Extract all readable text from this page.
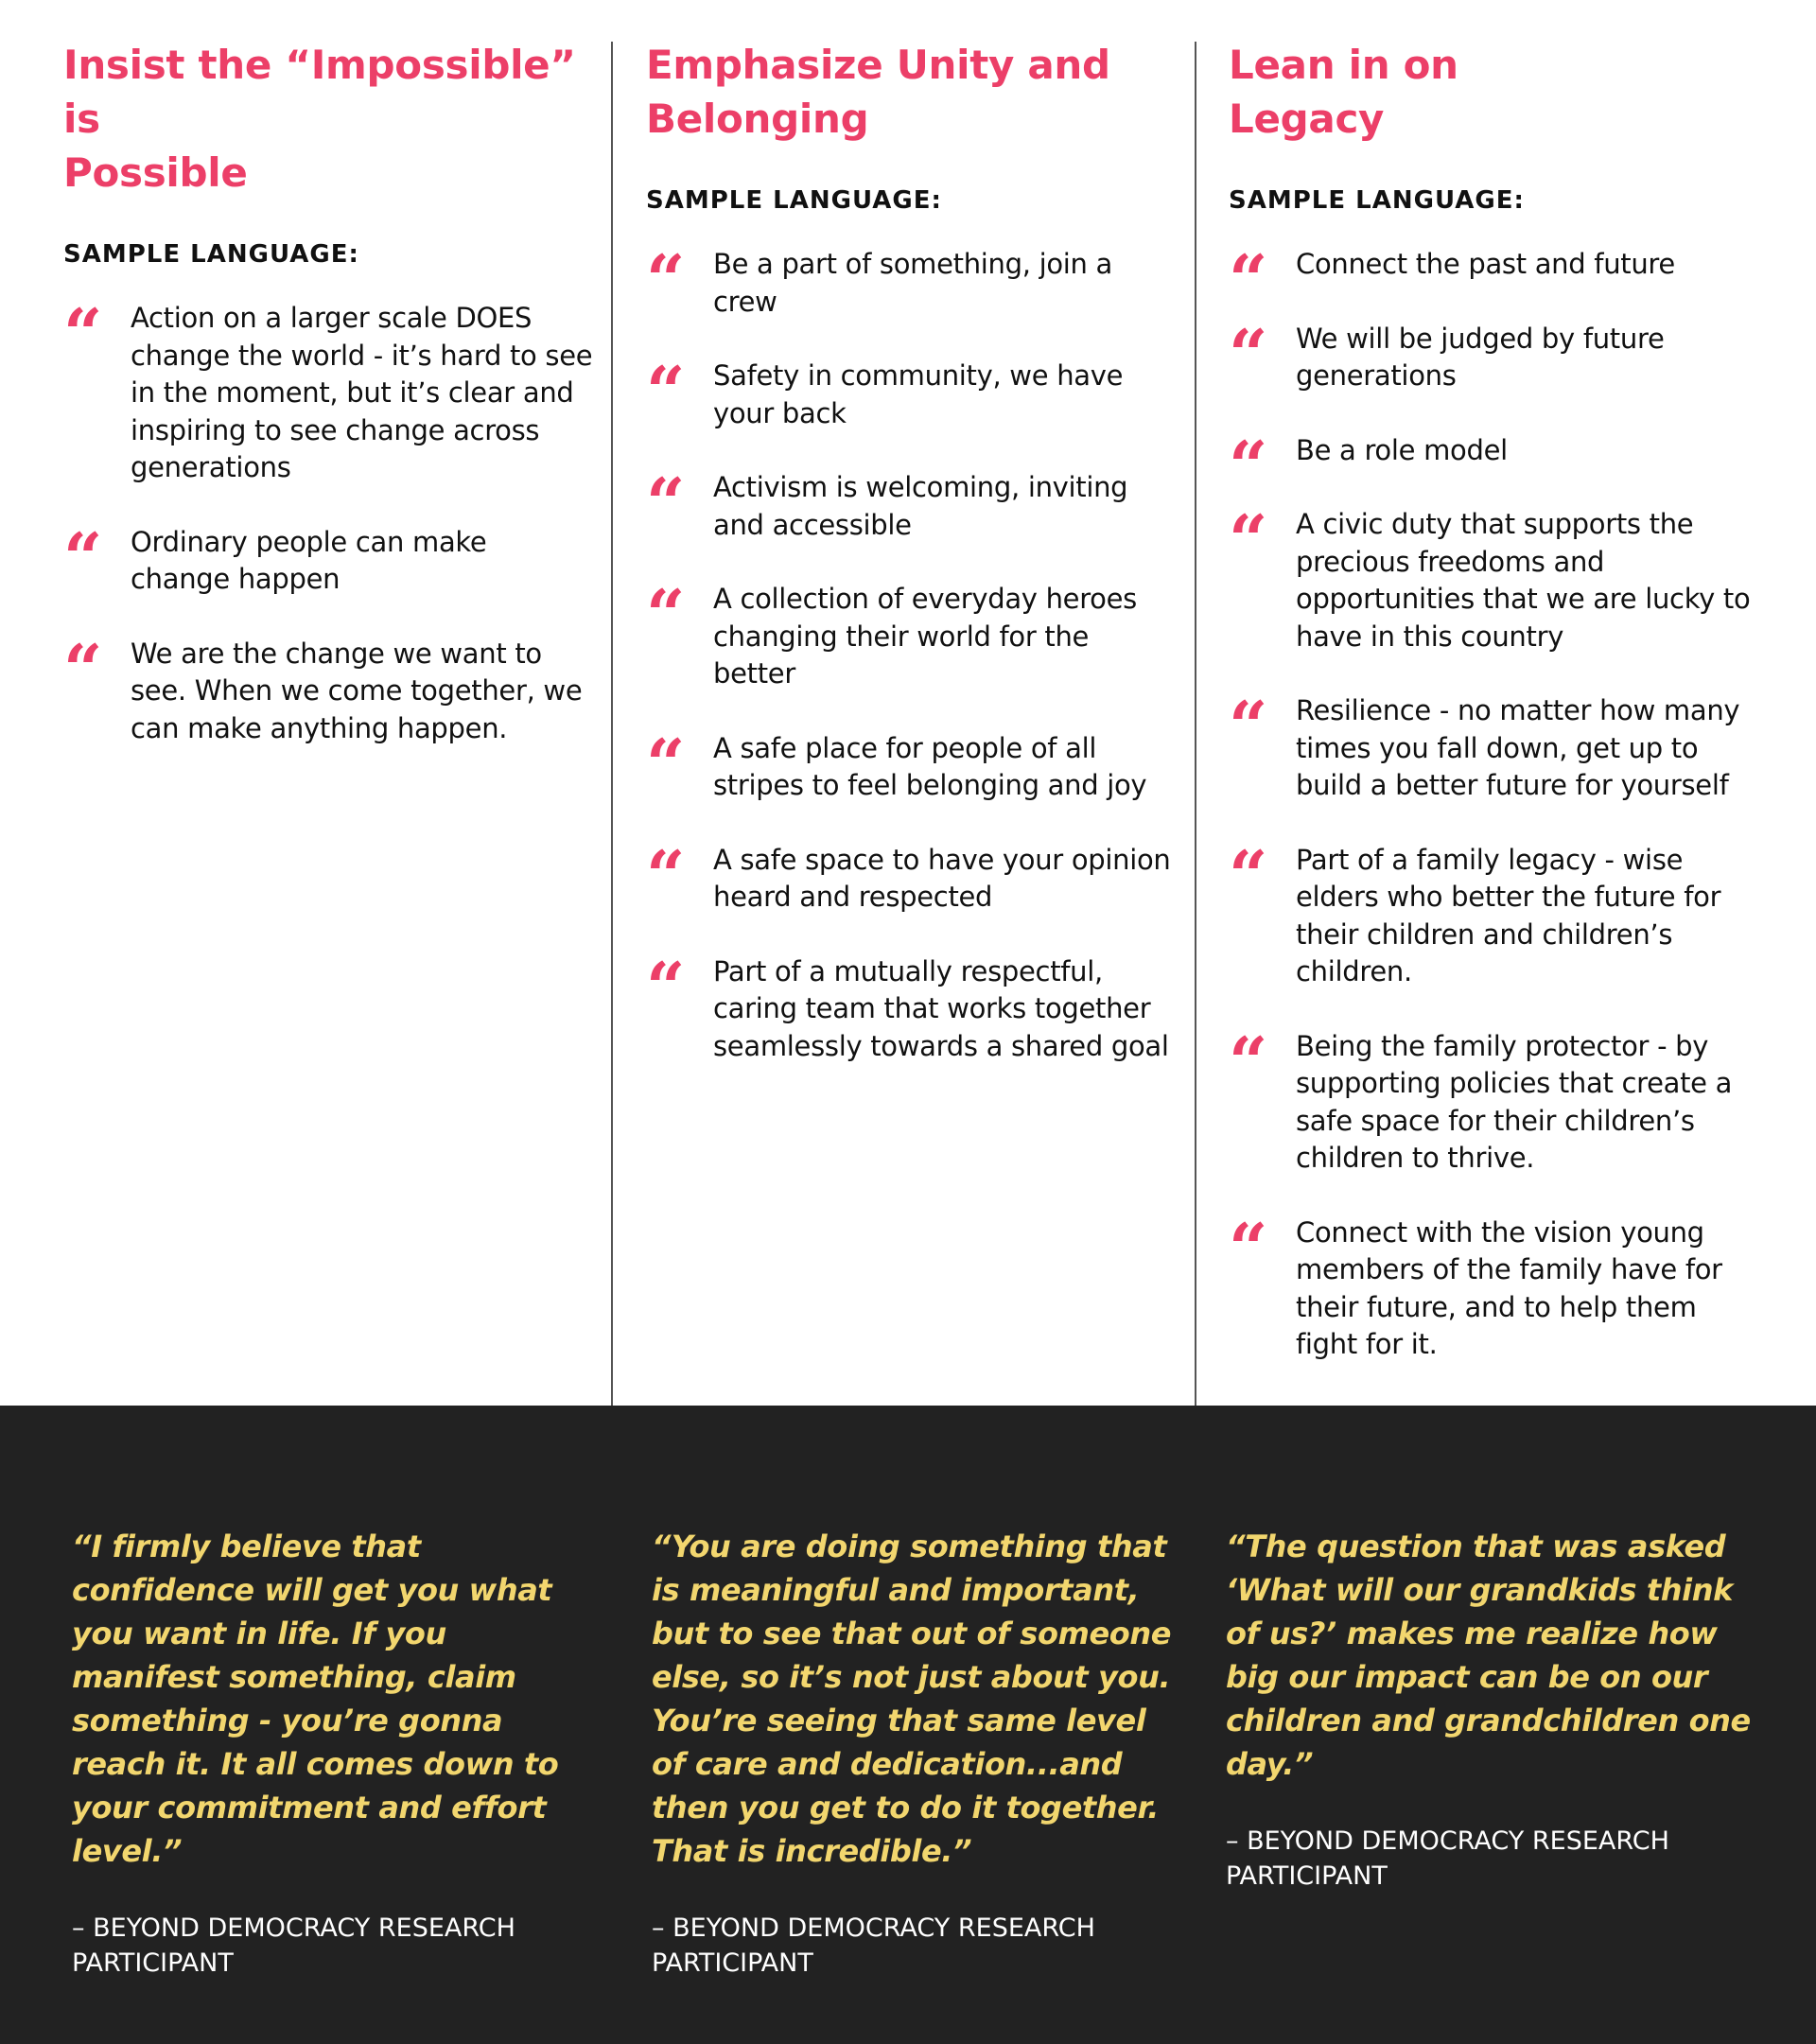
Insist the “Impossible” is
Possible
SAMPLE LANGUAGE:
“ Action on a larger scale DOES change the world - it’s hard to see in the moment, but it’s clear and inspiring to see change across generations
“ Ordinary people can make change happen
“ We are the change we want to see. When we come together, we can make anything happen.
Emphasize Unity and
Belonging
SAMPLE LANGUAGE:
“ Be a part of something, join a crew
“ Safety in community, we have your back
“ Activism is welcoming, inviting and accessible
“ A collection of everyday heroes changing their world for the better
“ A safe place for people of all stripes to feel belonging and joy
“ A safe space to have your opinion heard and respected
“ Part of a mutually respectful, caring team that works together seamlessly towards a shared goal
Lean in on
Legacy
SAMPLE LANGUAGE:
“ Connect the past and future
“ We will be judged by future generations
“ Be a role model
“ A civic duty that supports the precious freedoms and opportunities that we are lucky to have in this country
“ Resilience - no matter how many times you fall down, get up to build a better future for yourself
“ Part of a family legacy - wise elders who better the future for their children and children’s children.
“ Being the family protector - by supporting policies that create a safe space for their children’s children to thrive.
“ Connect with the vision young members of the family have for their future, and to help them fight for it.

“I firmly believe that confidence will get you what you want in life. If you manifest something, claim something - you’re gonna reach it. It all comes down to your commitment and effort level.”

– BEYOND DEMOCRACY RESEARCH PARTICIPANT

“You are doing something that is meaningful and important, but to see that out of someone else, so it’s not just about you. You’re seeing that same level of care and dedication...and then you get to do it together. That is incredible.”

– BEYOND DEMOCRACY RESEARCH PARTICIPANT

“The question that was asked ‘What will our grandkids think of us?’ makes me realize how big our impact can be on our children and grandchildren one day.”

– BEYOND DEMOCRACY RESEARCH PARTICIPANT
